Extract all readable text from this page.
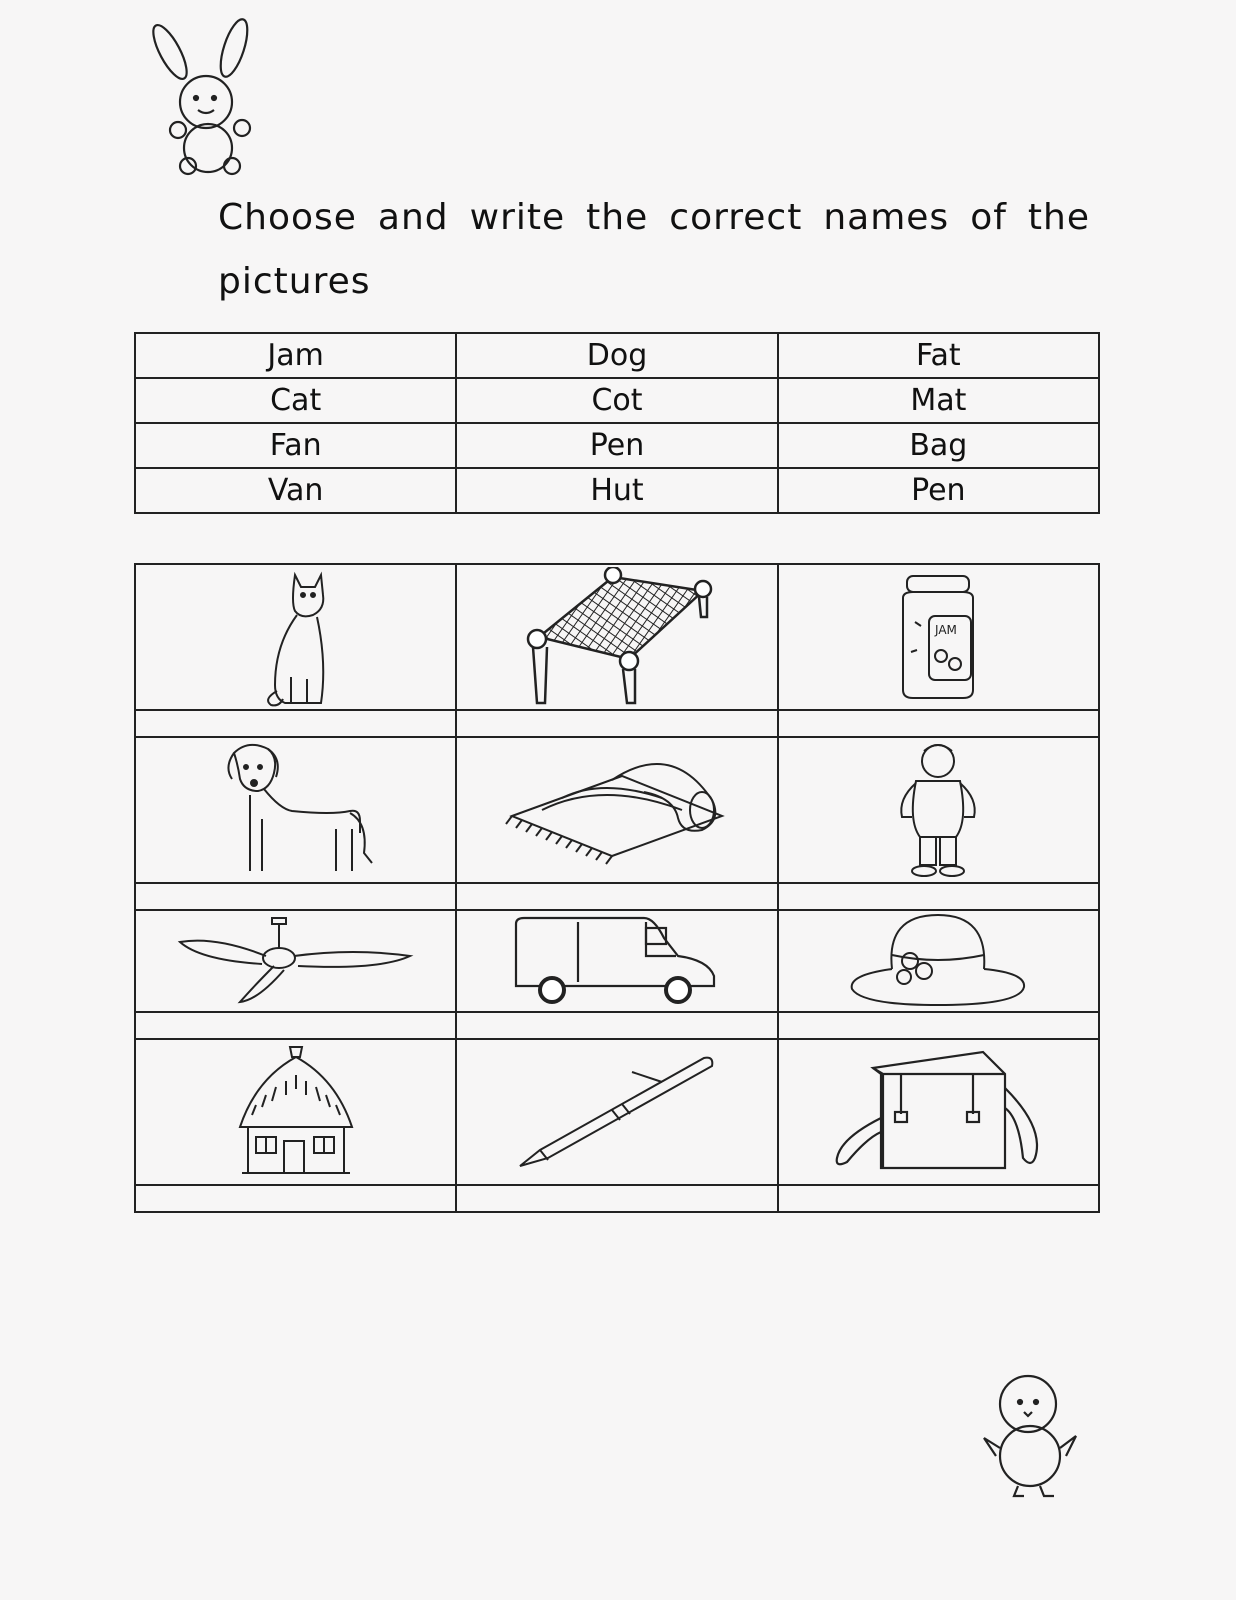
Choose and write the correct names of the pictures

Jam	Dog	Fat
Cat	Cot	Mat
Fan	Pen	Bag
Van	Hut	Pen

JAM
